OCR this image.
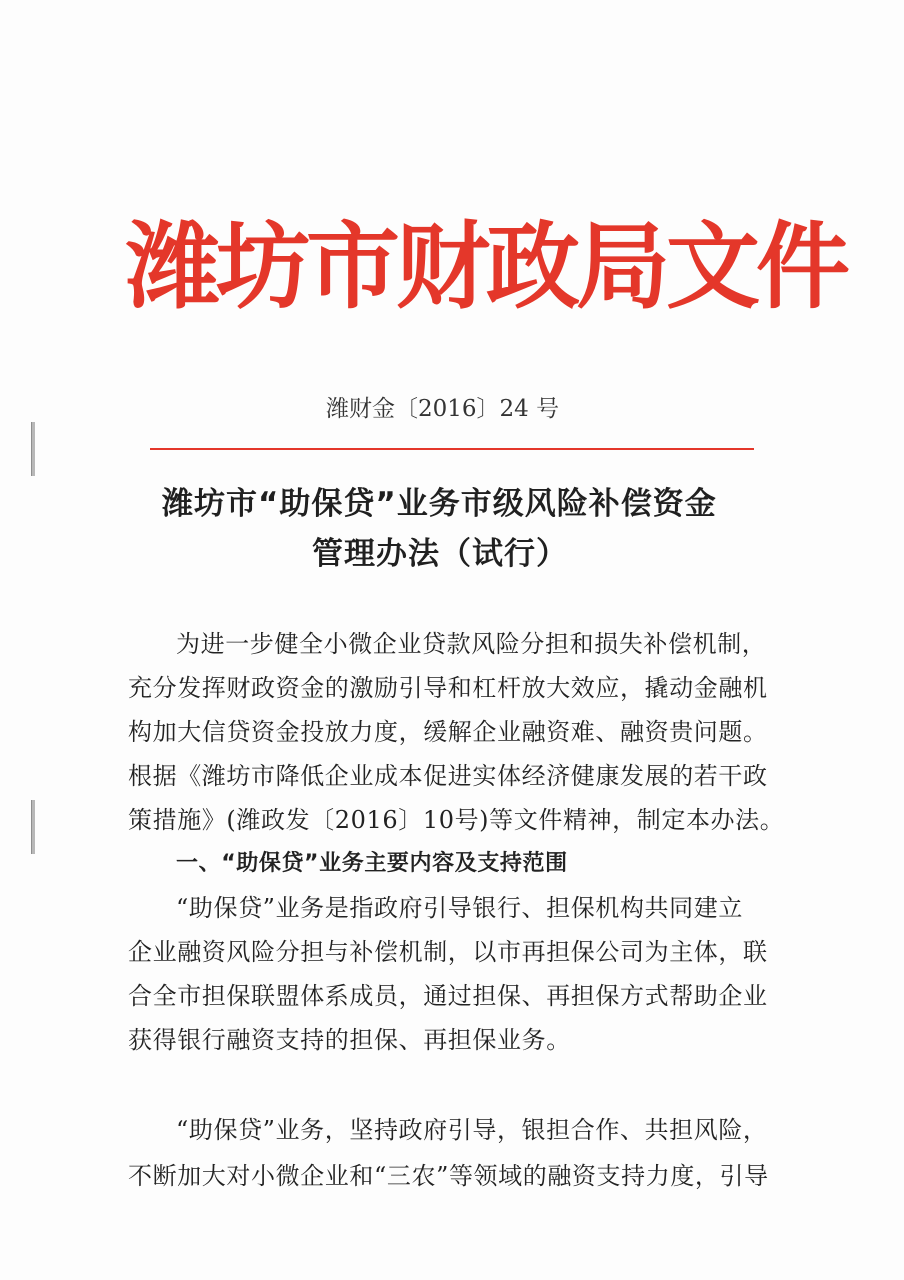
潍坊市财政局文件
潍财金〔2016〕24 号
潍坊市“助保贷”业务市级风险补偿资金
管理办法（试行）
为进一步健全小微企业贷款风险分担和损失补偿机制，
充分发挥财政资金的激励引导和杠杆放大效应，撬动金融机
构加大信贷资金投放力度，缓解企业融资难、融资贵问题。
根据《潍坊市降低企业成本促进实体经济健康发展的若干政
策措施》(潍政发〔2016〕10号)等文件精神，制定本办法。
一、“助保贷”业务主要内容及支持范围
“助保贷”业务是指政府引导银行、担保机构共同建立
企业融资风险分担与补偿机制，以市再担保公司为主体，联
合全市担保联盟体系成员，通过担保、再担保方式帮助企业
获得银行融资支持的担保、再担保业务。
“助保贷”业务，坚持政府引导，银担合作、共担风险，
不断加大对小微企业和“三农”等领域的融资支持力度，引导
